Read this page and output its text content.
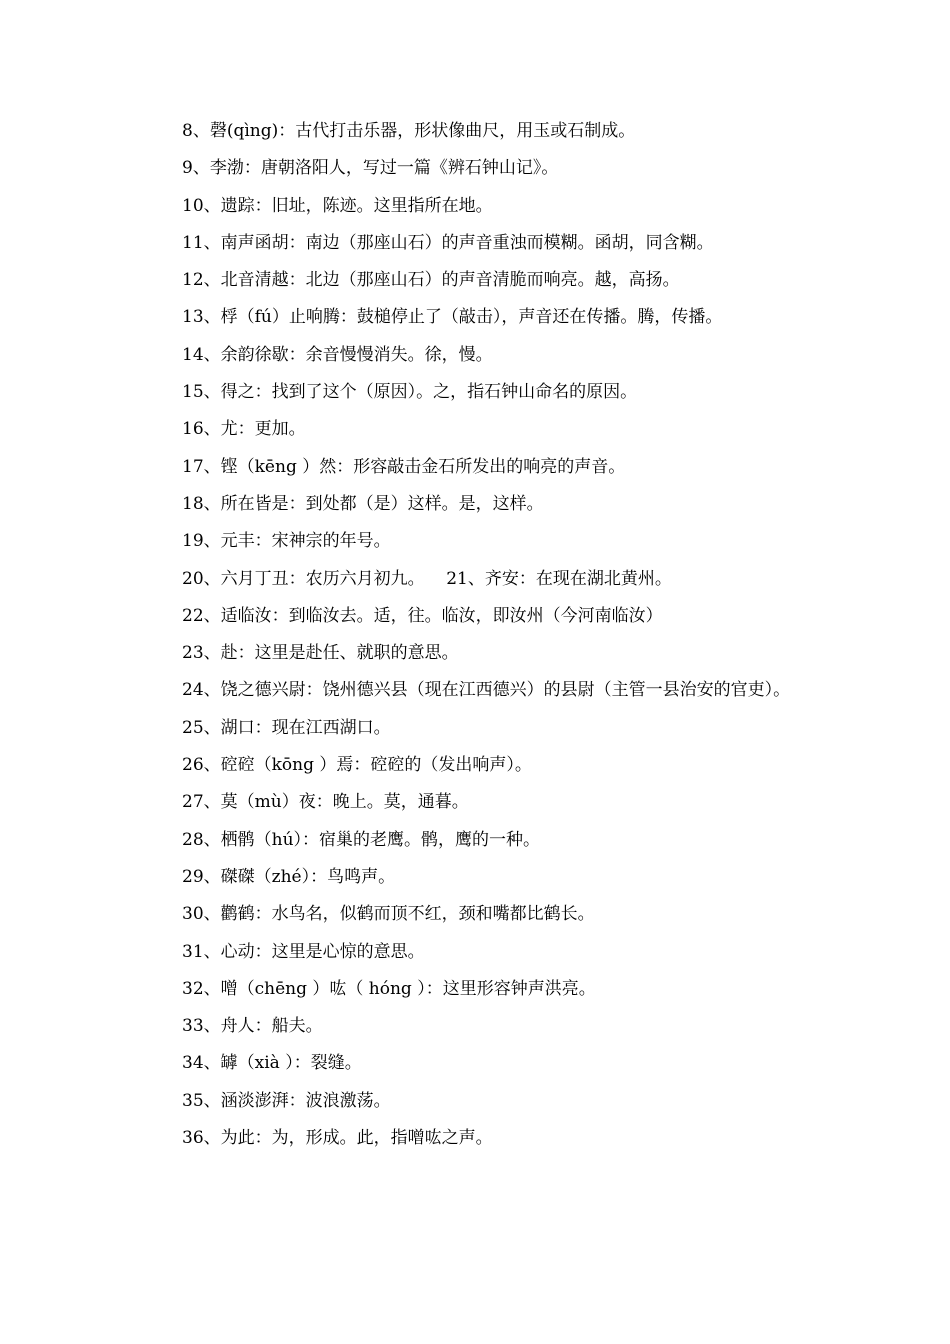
8、磬(qìng)：古代打击乐器，形状像曲尺，用玉或石制成。

9、李渤：唐朝洛阳人，写过一篇《辨石钟山记》。

10、遗踪：旧址，陈迹。这里指所在地。

11、南声函胡：南边（那座山石）的声音重浊而模糊。函胡，同含糊。

12、北音清越：北边（那座山石）的声音清脆而响亮。越，高扬。

13、桴（fú）止响腾：鼓槌停止了（敲击），声音还在传播。腾，传播。

14、余韵徐歇：余音慢慢消失。徐，慢。

15、得之：找到了这个（原因）。之，指石钟山命名的原因。

16、尤：更加。

17、铿（kēng ）然：形容敲击金石所发出的响亮的声音。

18、所在皆是：到处都（是）这样。是，这样。

19、元丰：宋神宗的年号。

20、六月丁丑：农历六月初九。    21、齐安：在现在湖北黄州。

22、适临汝：到临汝去。适，往。临汝，即汝州（今河南临汝）

23、赴：这里是赴任、就职的意思。

24、饶之德兴尉：饶州德兴县（现在江西德兴）的县尉（主管一县治安的官吏）。

25、湖口：现在江西湖口。

26、硿硿（kōng ）焉：硿硿的（发出响声）。

27、莫（mù）夜：晚上。莫，通暮。

28、栖鹘（hú）：宿巢的老鹰。鹘，鹰的一种。

29、磔磔（zhé）：鸟鸣声。

30、鹳鹤：水鸟名，似鹤而顶不红，颈和嘴都比鹤长。

31、心动：这里是心惊的意思。

32、噌（chēng ）吰（ hóng ）：这里形容钟声洪亮。

33、舟人：船夫。

34、罅（xià ）：裂缝。

35、涵淡澎湃：波浪激荡。

36、为此：为，形成。此，指噌吰之声。
